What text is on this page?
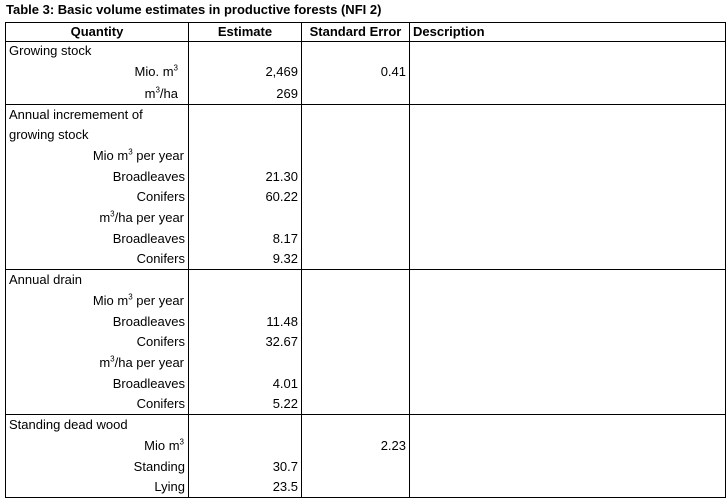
Table 3: Basic volume estimates in productive forests (NFI 2)
Quantity	Estimate	Standard Error	Description
Growing stock			
Mio. $m^3$	2,469	0.41	
$m^3/ha$	269		
Annual incremement of			
growing stock			
Mio $m^3$ per year			
Broadleaves	21.30		
Conifers	60.22		
$m^3/ha$ per year			
Broadleaves	8.17		
Conifers	9.32		
Annual drain			
Mio $m^3$ per year			
Broadleaves	11.48		
Conifers	32.67		
$m^3/ha$ per year			
Broadleaves	4.01		
Conifers	5.22		
Standing dead wood			
Mio $m^3$		2.23	
Standing	30.7		
Lying	23.5		
